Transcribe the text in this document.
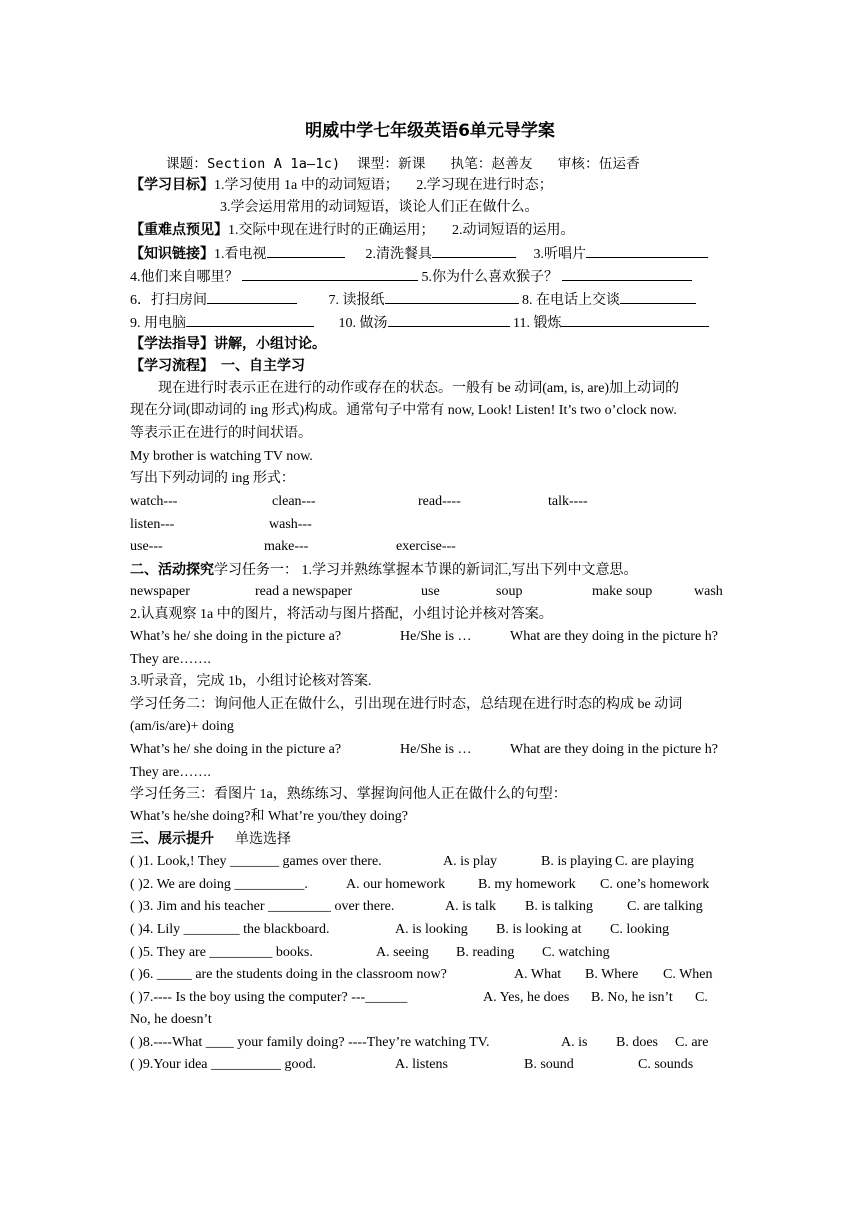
明威中学七年级英语6单元导学案
课题：Section A 1a—1c) 课型：新课 执笔：赵善友 审核：伍运香
【学习目标】1.学习使用 1a 中的动词短语； 2.学习现在进行时态；
3.学会运用常用的动词短语，谈论人们正在做什么。
【重难点预见】1.交际中现在进行时的正确运用； 2.动词短语的运用。
【知识链接】1.看电视	2.清洗餐具	3.听唱片
4.他们来自哪里？	5.你为什么喜欢猴子？
6．打扫房间	7. 读报纸	8. 在电话上交谈
9. 用电脑	10. 做汤	11. 锻炼
【学法指导】讲解，小组讨论。
【学习流程】 一、自主学习
现在进行时表示正在进行的动作或存在的状态。一般有 be 动词(am, is, are)加上动词的
现在分词(即动词的 ing 形式)构成。通常句子中常有 now, Look! Listen! It’s two o’clock now.
等表示正在进行的时间状语。
My brother is watching TV now.
写出下列动词的 ing 形式：
watch---	clean---	read----	talk----
listen---	wash---
use---	make---	exercise---
二、活动探究学习任务一： 1.学习并熟练掌握本节课的新词汇,写出下列中文意思。
newspaper	read a newspaper	use	soup	make soup	wash
2.认真观察 1a 中的图片，将活动与图片搭配，小组讨论并核对答案。
What’s he/ she doing in the picture a?	He/She is …	What are they doing in the picture h?
They are…….
3.听录音，完成 1b，小组讨论核对答案.
学习任务二：询问他人正在做什么，引出现在进行时态，总结现在进行时态的构成 be 动词
(am/is/are)+ doing
What’s he/ she doing in the picture a?	He/She is …	What are they doing in the picture h?
They are…….
学习任务三：看图片 1a，熟练练习、掌握询问他人正在做什么的句型：
What’s he/she doing?和 What’re you/they doing?
三、展示提升 单选选择
( )1. Look,! They _______ games over there.	A. is play	B. is playing C. are playing
( )2. We are doing __________.	A. our homework B. my homework C. one’s homework
( )3. Jim and his teacher _________ over there.	A. is talk B. is talking C. are talking
( )4. Lily ________ the blackboard.	A. is looking B. is looking at C. looking
( )5. They are _________ books.	A. seeing B. reading C. watching
( )6. _____ are the students doing in the classroom now?	A. What B. Where C. When
( )7.---- Is the boy using the computer? ---______	A. Yes, he does B. No, he isn’t C.
No, he doesn’t
( )8.----What ____ your family doing? ----They’re watching TV.	A. is B. does C. are
( )9.Your idea __________ good.	A. listens	B. sound	C. sounds
